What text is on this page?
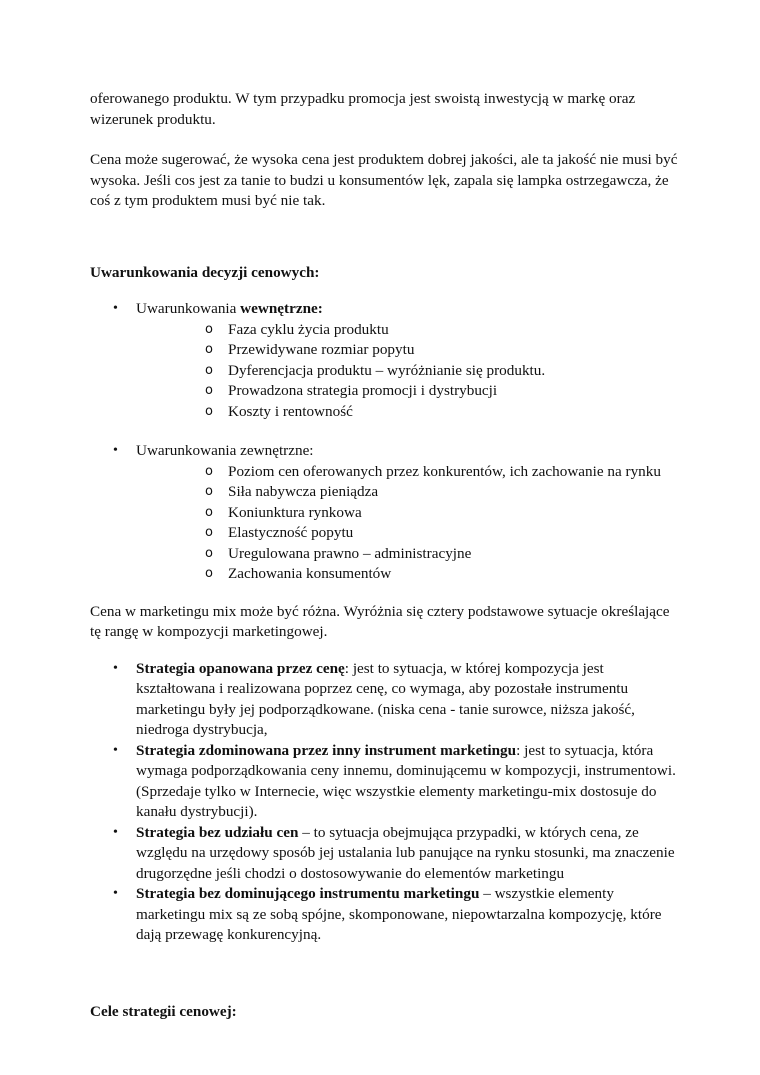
oferowanego produktu. W tym przypadku promocja jest swoistą inwestycją w markę oraz wizerunek produktu.

Cena może sugerować, że wysoka cena jest produktem dobrej jakości, ale ta jakość nie musi być wysoka. Jeśli cos jest za tanie to budzi u konsumentów lęk, zapala się lampka ostrzegawcza, że coś z tym produktem musi być nie tak.

Uwarunkowania decyzji cenowych:

• Uwarunkowania wewnętrzne:
o Faza cyklu życia produktu
o Przewidywane rozmiar popytu
o Dyferencjacja produktu – wyróżnianie się produktu.
o Prowadzona strategia promocji i dystrybucji
o Koszty i rentowność
• Uwarunkowania zewnętrzne:
o Poziom cen oferowanych przez konkurentów, ich zachowanie na rynku
o Siła nabywcza pieniądza
o Koniunktura rynkowa
o Elastyczność popytu
o Uregulowana prawno – administracyjne
o Zachowania konsumentów

Cena w marketingu mix może być różna. Wyróżnia się cztery podstawowe sytuacje określające tę rangę w kompozycji marketingowej.

• Strategia opanowana przez cenę: jest to sytuacja, w której kompozycja jest kształtowana i realizowana poprzez cenę, co wymaga, aby pozostałe instrumentu marketingu były jej podporządkowane. (niska cena - tanie surowce, niższa jakość, niedroga dystrybucja,
• Strategia zdominowana przez inny instrument marketingu: jest to sytuacja, która wymaga podporządkowania ceny innemu, dominującemu w kompozycji, instrumentowi. (Sprzedaje tylko w Internecie, więc wszystkie elementy marketingu-mix dostosuje do kanału dystrybucji).
• Strategia bez udziału cen – to sytuacja obejmująca przypadki, w których cena, ze względu na urzędowy sposób jej ustalania lub panujące na rynku stosunki, ma znaczenie drugorzędne jeśli chodzi o dostosowywanie do elementów marketingu
• Strategia bez dominującego instrumentu marketingu – wszystkie elementy marketingu mix są ze sobą spójne, skomponowane, niepowtarzalna kompozycję, które dają przewagę konkurencyjną.

Cele strategii cenowej:
